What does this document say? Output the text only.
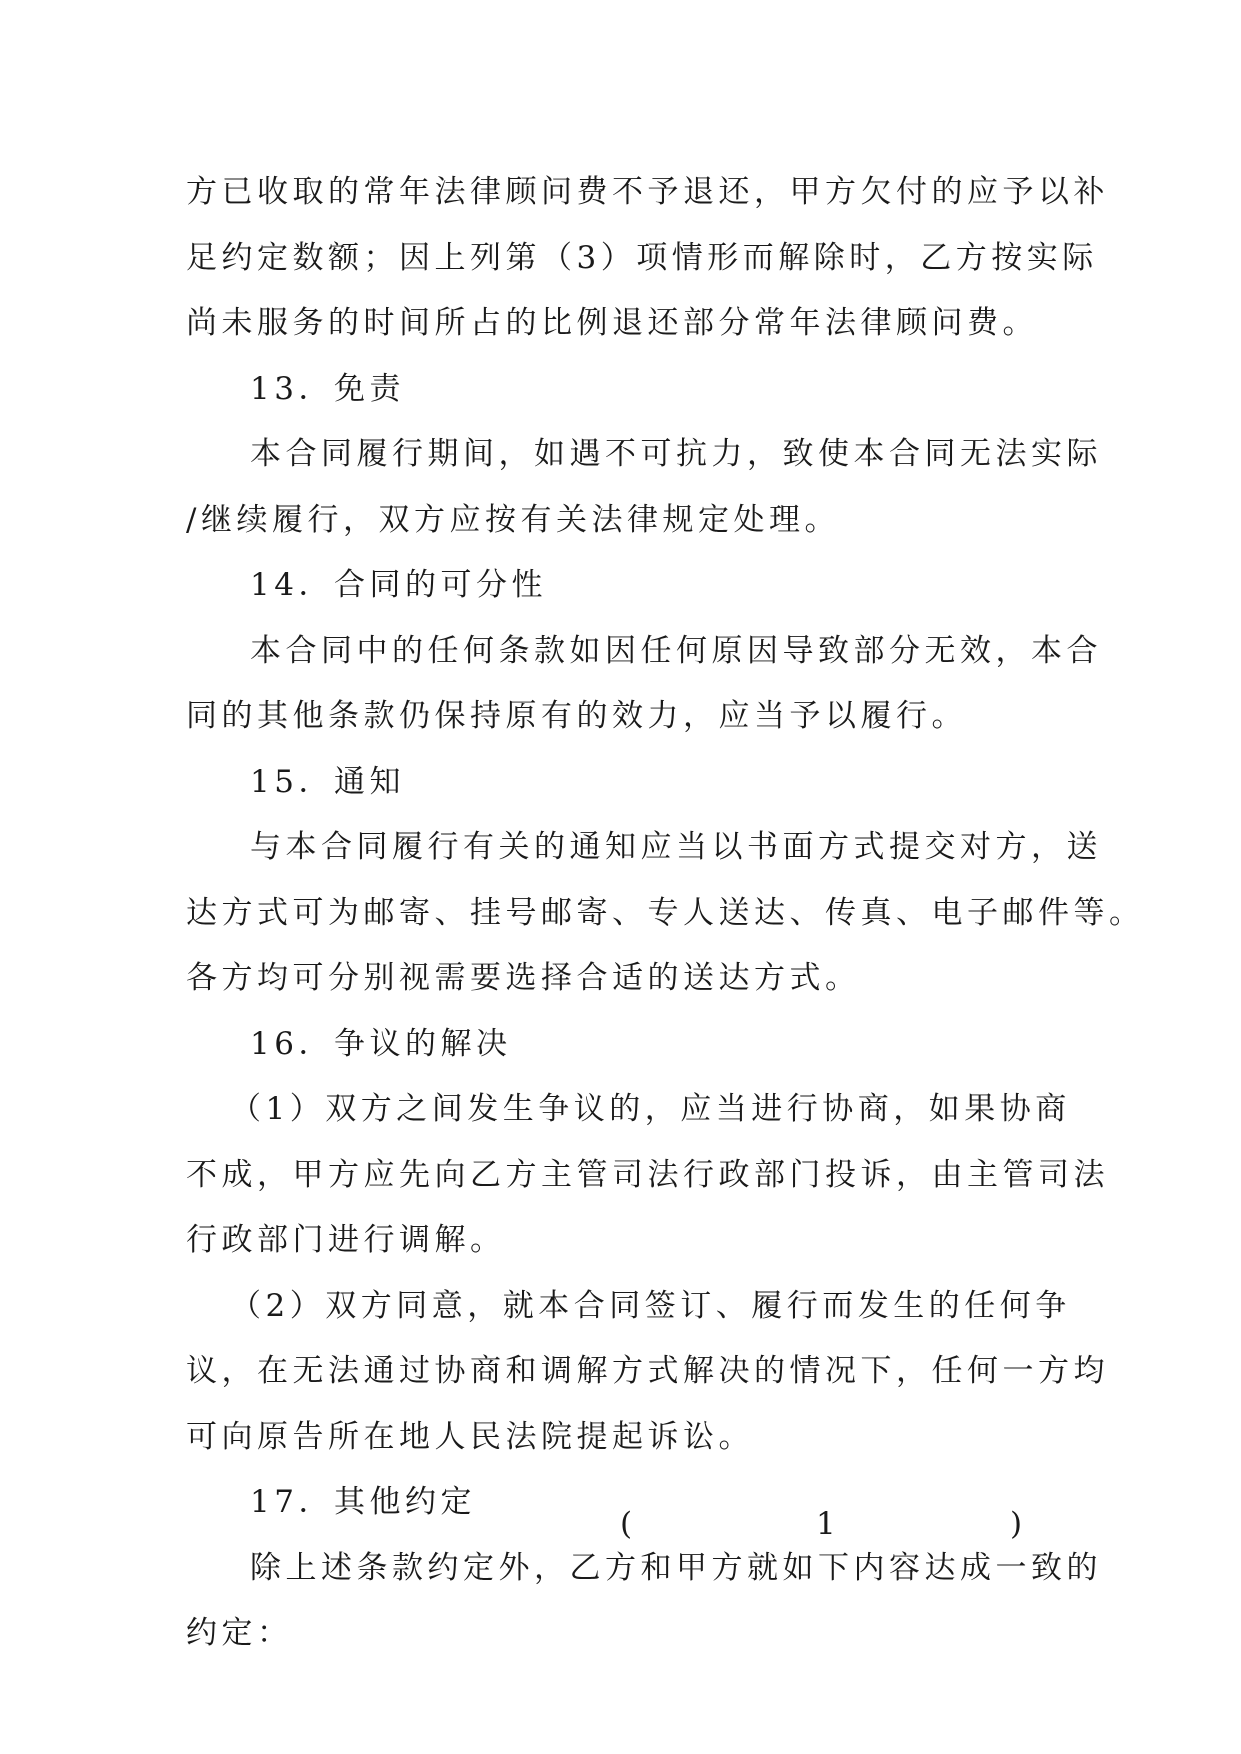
方已收取的常年法律顾问费不予退还，甲方欠付的应予以补
足约定数额；因上列第（3）项情形而解除时，乙方按实际
尚未服务的时间所占的比例退还部分常年法律顾问费。
13．免责
本合同履行期间，如遇不可抗力，致使本合同无法实际
/继续履行，双方应按有关法律规定处理。
14．合同的可分性
本合同中的任何条款如因任何原因导致部分无效，本合
同的其他条款仍保持原有的效力，应当予以履行。
15．通知
与本合同履行有关的通知应当以书面方式提交对方，送
达方式可为邮寄、挂号邮寄、专人送达、传真、电子邮件等。
各方均可分别视需要选择合适的送达方式。
16．争议的解决
（1）双方之间发生争议的，应当进行协商，如果协商
不成，甲方应先向乙方主管司法行政部门投诉，由主管司法
行政部门进行调解。
（2）双方同意，就本合同签订、履行而发生的任何争
议，在无法通过协商和调解方式解决的情况下，任何一方均
可向原告所在地人民法院提起诉讼。
17．其他约定
除上述条款约定外，乙方和甲方就如下内容达成一致的
约定：
(	1	)
